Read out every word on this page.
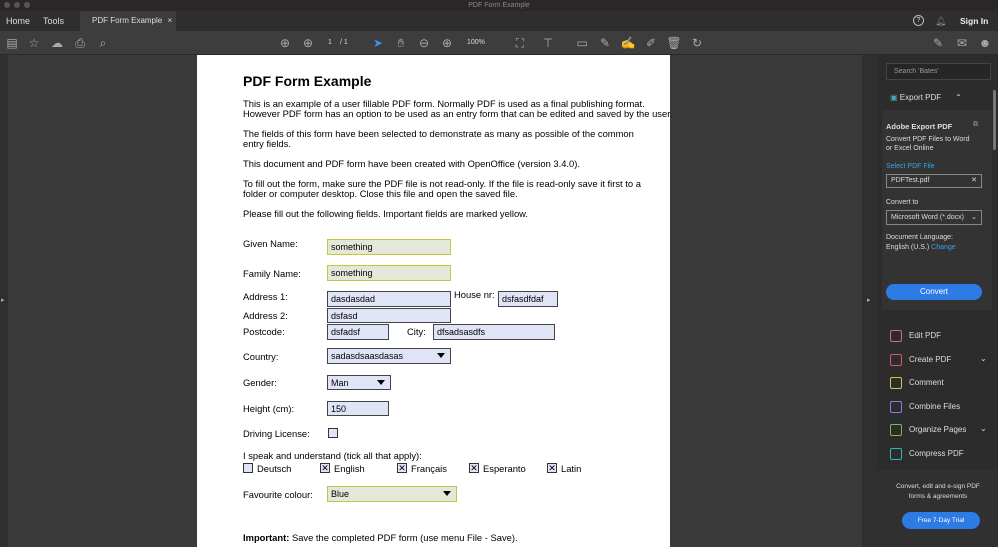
PDF Form Example
Home Tools	PDF Form Example ×	?	🔔︎ Sign In
▤ ☆ ☁ ⎙	⌕	⊕ ⊕	1 / 1 ➤	✋︎	⊖ ⊕	100%	⛶	⊤ ▭ ✎ ✍ ✐ 🗑︎ ↻	✎ ✉ ☻
▸	▸
PDF Form Example
This is an example of a user fillable PDF form. Normally PDF is used as a final publishing format.
However PDF form has an option to be used as an entry form that can be edited and saved by the user.
The fields of this form have been selected to demonstrate as many as possible of the common
entry fields.
This document and PDF form have been created with OpenOffice (version 3.4.0).
To fill out the form, make sure the PDF file is not read-only. If the file is read-only save it first to a
folder or computer desktop. Close this file and open the saved file.
Please fill out the following fields. Important fields are marked yellow.
Given Name:	something
Family Name:	something
Address 1:	dasdasdad	House nr: dsfasdfdaf
Address 2:	dsfasd
Postcode:	dsfadsf	City:	dfsadsasdfs
Country:	sadasdsaasdasas
Gender:	Man
Height (cm):	150
Driving License:
I speak and understand (tick all that apply):
Deutsch	✕ English	✕ Français	✕ Esperanto ✕ Latin
Favourite colour:	Blue
Important: Save the completed PDF form (use menu File - Save).
Search 'Bates'
▣ Export PDF ⌃
Adobe Export PDF	⧉
Convert PDF Files to Word
or Excel Online
Select PDF File
PDFTest.pdf	✕
Convert to
Microsoft Word (*.docx) ⌄
Document Language:
English (U.S.) Change
Convert
Edit PDF
Create PDF	⌄
Comment
Combine Files
Organize Pages ⌄
Compress PDF
Convert, edit and e-sign PDF
forms & agreements
Free 7-Day Trial
